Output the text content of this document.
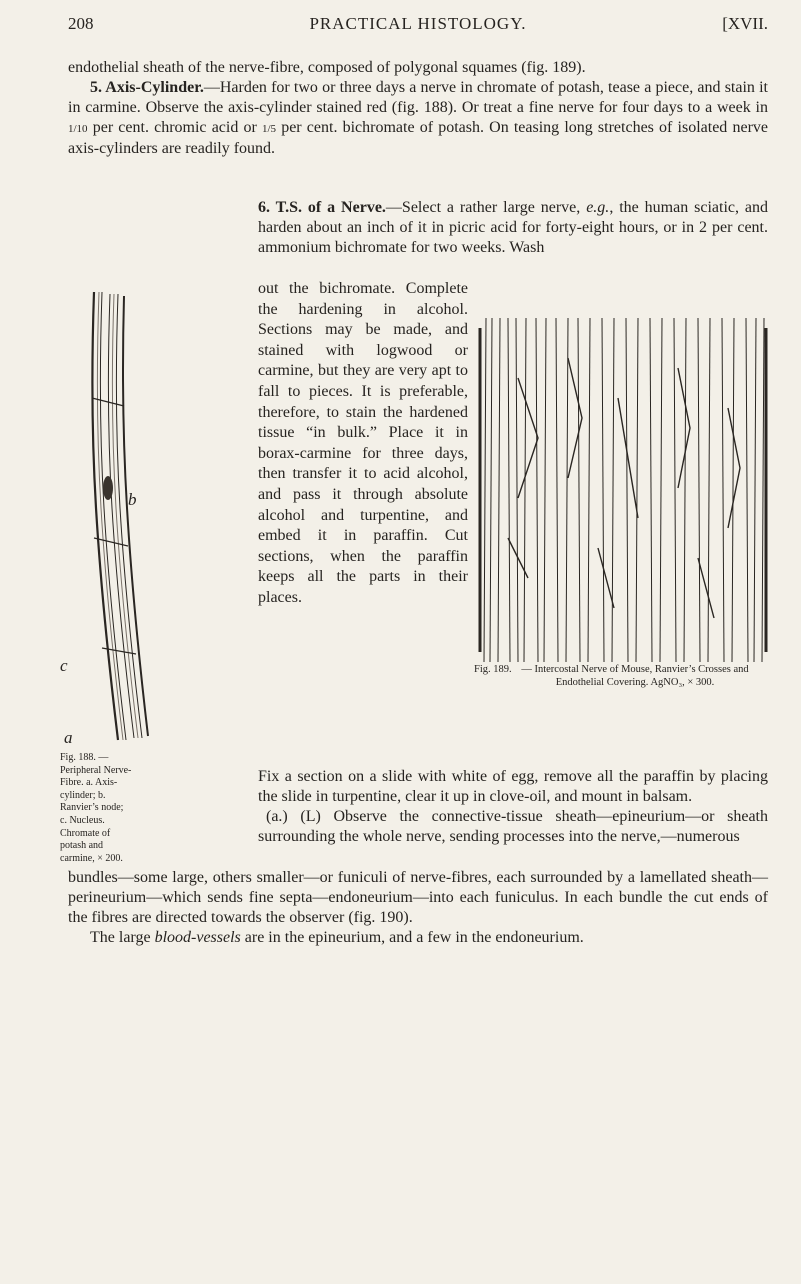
208	PRACTICAL HISTOLOGY.	[XVII.

endothelial sheath of the nerve-fibre, composed of polygonal squames (fig. 189).

5. Axis-Cylinder.—Harden for two or three days a nerve in chromate of potash, tease a piece, and stain it in carmine. Observe the axis-cylinder stained red (fig. 188). Or treat a fine nerve for four days to a week in 1/10 per cent. chromic acid or 1/5 per cent. bichromate of potash. On teasing long stretches of isolated nerve axis-cylinders are readily found.

b
c
a

6. T.S. of a Nerve.—Select a rather large nerve, e.g., the human sciatic, and harden about an inch of it in picric acid for forty-eight hours, or in 2 per cent. ammonium bichromate for two weeks. Wash

out the bichromate. Complete the hardening in alcohol. Sections may be made, and stained with logwood or carmine, but they are very apt to fall to pieces. It is preferable, therefore, to stain the hardened tissue “in bulk.” Place it in borax-carmine for three days, then transfer it to acid alcohol, and pass it through absolute alcohol and turpentine, and embed it in paraffin. Cut sections, when the paraffin keeps all the parts in their places.

Fig. 189. — Intercostal Nerve of Mouse, Ranvier’s Crosses and Endothelial Covering. AgNO₃, × 300.
Fig. 188. — Peripheral Nerve-Fibre. a. Axis-cylinder; b. Ranvier’s node; c. Nucleus. Chromate of potash and carmine, × 200.

Fix a section on a slide with white of egg, remove all the paraffin by placing the slide in turpentine, clear it up in clove-oil, and mount in balsam.

(a.) (L) Observe the connective-tissue sheath—epineurium—or sheath surrounding the whole nerve, sending processes into the nerve,—numerous

bundles—some large, others smaller—or funiculi of nerve-fibres, each surrounded by a lamellated sheath—perineurium—which sends fine septa—endoneurium—into each funiculus. In each bundle the cut ends of the fibres are directed towards the observer (fig. 190).

The large blood-vessels are in the epineurium, and a few in the endoneurium.
